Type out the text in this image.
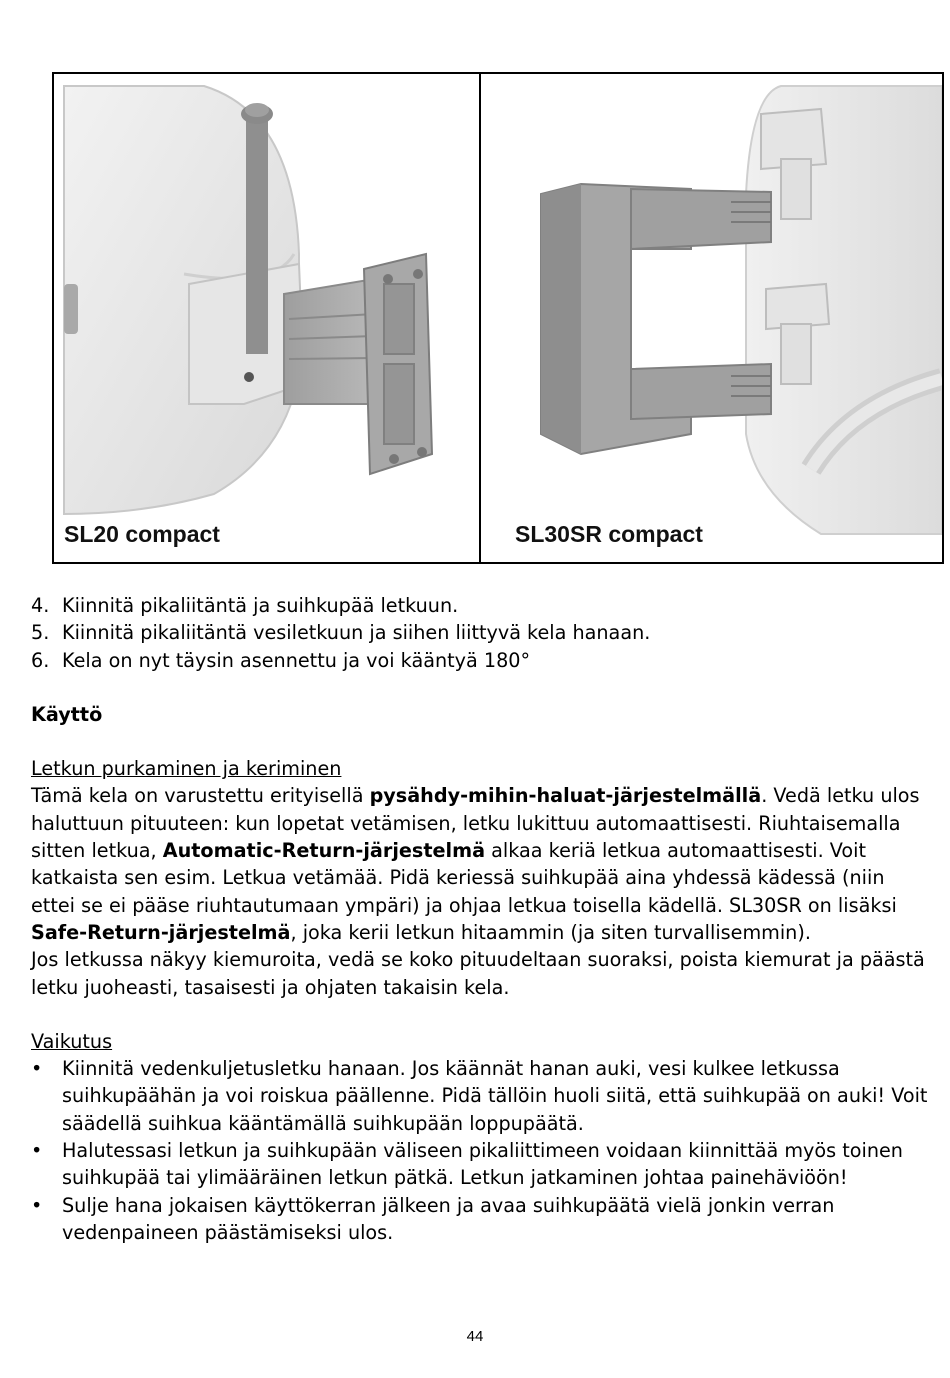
SL20 compact	SL30SR compact
4. Kiinnitä pikaliitäntä ja suihkupää letkuun.
5. Kiinnitä pikaliitäntä vesiletkuun ja siihen liittyvä kela hanaan.
6. Kela on nyt täysin asennettu ja voi kääntyä 180°

Käyttö

Letkun purkaminen ja keriminen

Tämä kela on varustettu erityisellä pysähdy-mihin-haluat-järjestelmällä. Vedä letku ulos haluttuun pituuteen: kun lopetat vetämisen, letku lukittuu automaattisesti. Riuhtaisemalla sitten letkua, Automatic-Return-järjestelmä alkaa keriä letkua automaattisesti. Voit katkaista sen esim. Letkua vetämää. Pidä keriessä suihkupää aina yhdessä kädessä (niin ettei se ei pääse riuhtautumaan ympäri) ja ohjaa letkua toisella kädellä. SL30SR on lisäksi Safe-Return-järjestelmä, joka kerii letkun hitaammin (ja siten turvallisemmin).

Jos letkussa näkyy kiemuroita, vedä se koko pituudeltaan suoraksi, poista kiemurat ja päästä letku juoheasti, tasaisesti ja ohjaten takaisin kela.

Vaikutus

•	Kiinnitä vedenkuljetusletku hanaan. Jos käännät hanan auki, vesi kulkee letkussa suihkupäähän ja voi roiskua päällenne. Pidä tällöin huoli siitä, että suihkupää on auki! Voit säädellä suihkua kääntämällä suihkupään loppupäätä.
•	Halutessasi letkun ja suihkupään väliseen pikaliittimeen voidaan kiinnittää myös toinen suihkupää tai ylimääräinen letkun pätkä. Letkun jatkaminen johtaa painehäviöön!
•	Sulje hana jokaisen käyttökerran jälkeen ja avaa suihkupäätä vielä jonkin verran vedenpaineen päästämiseksi ulos.
44
